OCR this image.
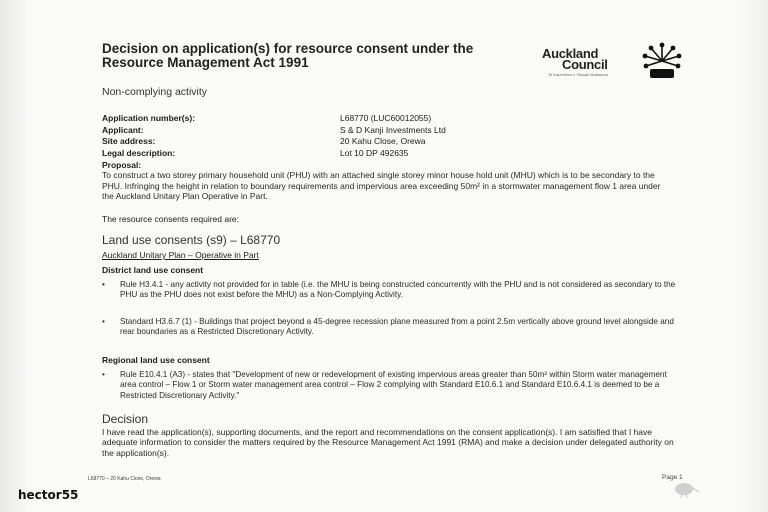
Decision on application(s) for resource consent under the Resource Management Act 1991
Non-complying activity
Auckland
Council
Te Kaunihera o Tāmaki Makaurau
Application number(s):	L68770 (LUC60012055)
Applicant:	S & D Kanji Investments Ltd
Site address:	20 Kahu Close, Orewa
Legal description:	Lot 10 DP 492635
Proposal:
To construct a two storey primary household unit (PHU) with an attached single storey minor house hold unit (MHU) which is to be secondary to the PHU. Infringing the height in relation to boundary requirements and impervious area exceeding 50m² in a stormwater management flow 1 area under the Auckland Unitary Plan Operative in Part.
The resource consents required are:
Land use consents (s9) – L68770
Auckland Unitary Plan – Operative in Part
District land use consent
• Rule H3.4.1 - any activity not provided for in table (i.e. the MHU is being constructed concurrently with the PHU and is not considered as secondary to the PHU as the PHU does not exist before the MHU) as a Non-Complying Activity.
• Standard H3.6.7 (1) - Buildings that project beyond a 45-degree recession plane measured from a point 2.5m vertically above ground level alongside and rear boundaries as a Restricted Discretionary Activity.
Regional land use consent
• Rule E10.4.1 (A3) - states that "Development of new or redevelopment of existing impervious areas greater than 50m² within Storm water management area control – Flow 1 or Storm water management area control – Flow 2 complying with Standard E10.6.1 and Standard E10.6.4.1 is deemed to be a Restricted Discretionary Activity."
Decision
I have read the application(s), supporting documents, and the report and recommendations on the consent application(s). I am satisfied that I have adequate information to consider the matters required by the Resource Management Act 1991 (RMA) and make a decision under delegated authority on the application(s).
L68770 – 20 Kahu Close, Orewa	Page 1
hector55
